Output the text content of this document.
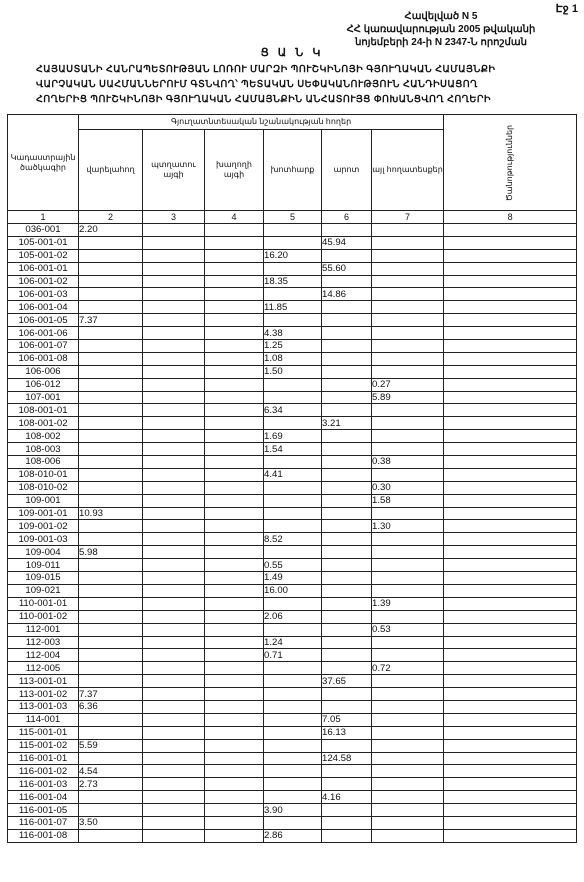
Էջ 1
Հավելված N 5
ՀՀ կառավարության 2005 թվականի
նոյեմբերի 24-ի N 2347-Ն որոշման
Ց Ա Ն Կ
ՀԱՅԱՍՏԱՆԻ ՀԱՆՐԱՊԵՏՈՒԹՅԱՆ ԼՈՌՈՒ ՄԱՐԶԻ ՊՈՒՇԿԻՆՈՅԻ ԳՅՈՒՂԱԿԱՆ ՀԱՄԱՅՆՔԻ
ՎԱՐՉԱԿԱՆ ՍԱՀՄԱՆՆԵՐՈՒՄ ԳՏՆՎՈՂ՝ ՊԵՏԱԿԱՆ ՍԵՓԱԿԱՆՈՒԹՅՈՒՆ ՀԱՆԴԻՍԱՑՈՂ
ՀՈՂԵՐԻՑ ՊՈՒՇԿԻՆՈՅԻ ԳՅՈՒՂԱԿԱՆ ՀԱՄԱՅՆՔԻՆ ԱՆՀԱՏՈՒՅՑ ՓՈԽԱՆՑՎՈՂ ՀՈՂԵՐԻ
Կադաստրային ծածկագիր	Գյուղատնտեսական նշանակության հողեր						Ծանոթություններ

	վարելահող	պտղատու այգի	խաղողի այգի	խոտհարք	արոտ	այլ հողատեսքեր	
1	2	3	4	5	6	7	8
036-001	2.20						
105-001-01					45.94		
105-001-02				16.20			
106-001-01					55.60		
106-001-02				18.35			
106-001-03					14.86		
106-001-04				11.85			
106-001-05	7.37						
106-001-06				4.38			
106-001-07				1.25			
106-001-08				1.08			
106-006				1.50			
106-012						0.27	
107-001						5.89	
108-001-01				6.34			
108-001-02					3.21		
108-002				1.69			
108-003				1.54			
108-006						0.38	
108-010-01				4.41			
108-010-02						0.30	
109-001						1.58	
109-001-01	10.93						
109-001-02						1.30	
109-001-03				8.52			
109-004	5.98						
109-011				0.55			
109-015				1.49			
109-021				16.00			
110-001-01						1.39	
110-001-02				2.06			
112-001						0.53	
112-003				1.24			
112-004				0.71			
112-005						0.72	
113-001-01					37.65		
113-001-02	7.37						
113-001-03	6.36						
114-001					7.05		
115-001-01					16.13		
115-001-02	5.59						
116-001-01					124.58		
116-001-02	4.54						
116-001-03	2.73						
116-001-04					4.16		
116-001-05				3.90			
116-001-07	3.50						
116-001-08				2.86			
